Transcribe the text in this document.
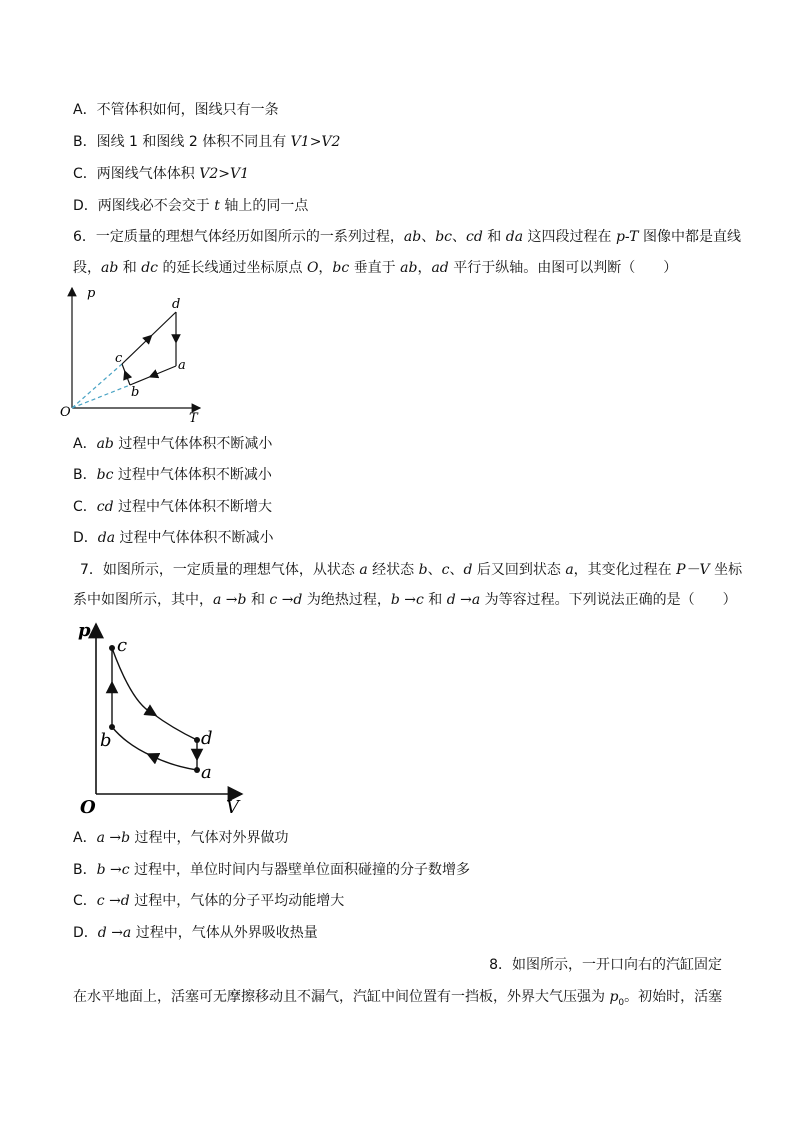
A．不管体积如何，图线只有一条
B．图线 1 和图线 2 体积不同且有 V1>V2
C．两图线气体体积 V2>V1
D．两图线必不会交于 t 轴上的同一点
6．一定质量的理想气体经历如图所示的一系列过程，ab、bc、cd 和 da 这四段过程在 p-T 图像中都是直线
段，ab 和 dc 的延长线通过坐标原点 O，bc 垂直于 ab，ad 平行于纵轴。由图可以判断（　　）
p
T
O
d
a
c
b
A．ab 过程中气体体积不断减小
B．bc 过程中气体体积不断减小
C．cd 过程中气体体积不断增大
D．da 过程中气体体积不断减小
7．如图所示，一定质量的理想气体，从状态 a 经状态 b、c、d 后又回到状态 a，其变化过程在 P－V 坐标
系中如图所示，其中，a →b 和 c →d 为绝热过程，b →c 和 d →a 为等容过程。下列说法正确的是（　　）
p
V
O
c
b	d
a
A．a →b 过程中，气体对外界做功
B．b →c 过程中，单位时间内与器壁单位面积碰撞的分子数增多
C．c →d 过程中，气体的分子平均动能增大
D．d →a 过程中，气体从外界吸收热量
8．如图所示，一开口向右的汽缸固定
在水平地面上，活塞可无摩擦移动且不漏气，汽缸中间位置有一挡板，外界大气压强为 $p_0$。初始时，活塞
